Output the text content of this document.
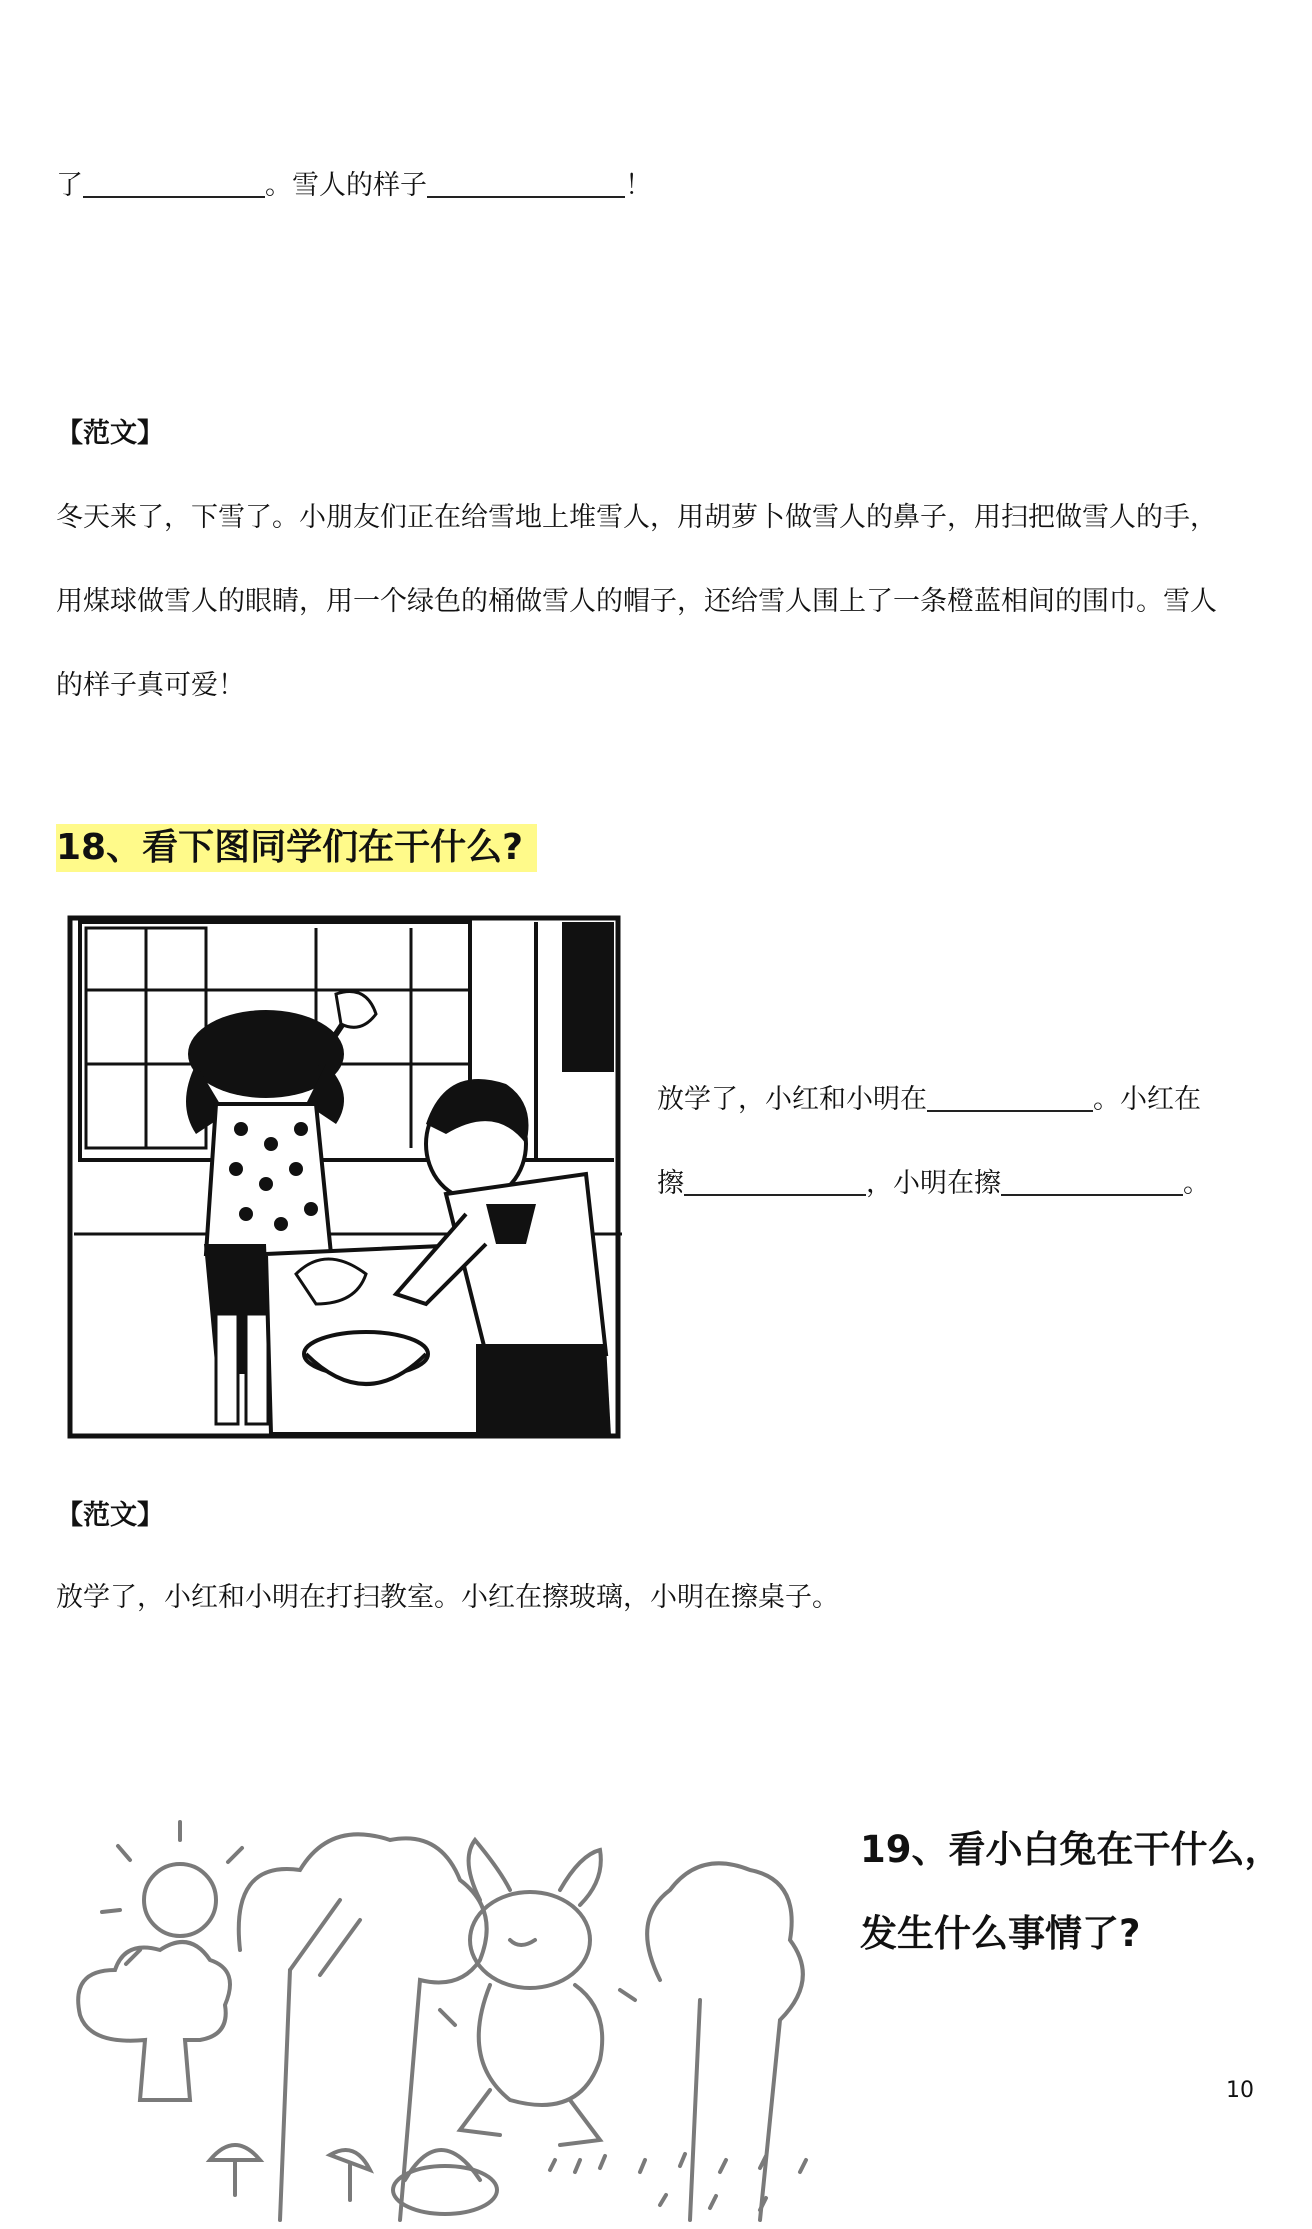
了	。雪人的样子	！
【范文】
冬天来了，下雪了。小朋友们正在给雪地上堆雪人，用胡萝卜做雪人的鼻子，用扫把做雪人的手，
用煤球做雪人的眼睛，用一个绿色的桶做雪人的帽子，还给雪人围上了一条橙蓝相间的围巾。雪人
的样子真可爱！
18、看下图同学们在干什么?
放学了，小红和小明在	。小红在
擦	，小明在擦	。
【范文】
放学了，小红和小明在打扫教室。小红在擦玻璃，小明在擦桌子。
19、看小白兔在干什么，
发生什么事情了?
10
